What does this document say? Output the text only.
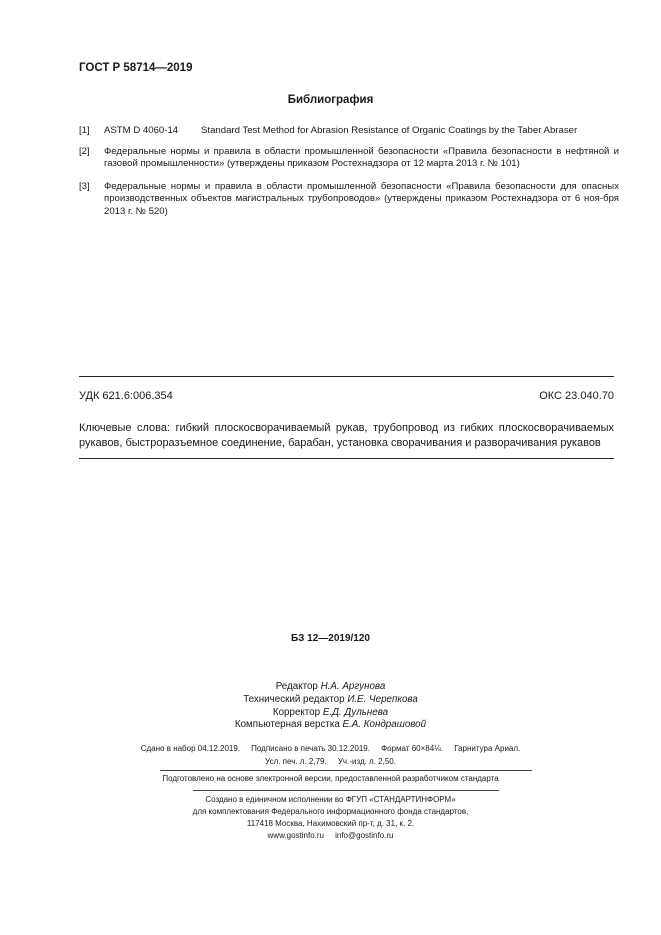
ГОСТ Р 58714—2019
Библиография
[1]	ASTM D 4060-14	Standard Test Method for Abrasion Resistance of Organic Coatings by the Taber Abraser
[2]	Федеральные нормы и правила в области промышленной безопасности «Правила безопасности в нефтяной и газовой промышленности» (утверждены приказом Ростехнадзора от 12 марта 2013 г. № 101)
[3]	Федеральные нормы и правила в области промышленной безопасности «Правила безопасности для опасных производственных объектов магистральных трубопроводов» (утверждены приказом Ростехнадзора от 6 ноя-бря 2013 г. № 520)
УДК 621.6:006.354	ОКС 23.040.70
Ключевые слова: гибкий плоскосворачиваемый рукав, трубопровод из гибких плоскосворачиваемых рукавов, быстроразъемное соединение, барабан, установка сворачивания и разворачивания рукавов
БЗ 12—2019/120
Редактор Н.А. Аргунова
Технический редактор И.Е. Черепкова
Корректор Е.Д. Дульнева
Компьютерная верстка Е.А. Кондрашовой
Сдано в набор 04.12.2019. Подписано в печать 30.12.2019. Формат 60×84⅛. Гарнитура Ариал.
Усл. печ. л. 2,79. Уч.-изд. л. 2,50.
Подготовлено на основе электронной версии, предоставленной разработчиком стандарта
Создано в единичном исполнении во ФГУП «СТАНДАРТИНФОРМ»
для комплектования Федерального информационного фонда стандартов,
117418 Москва, Нахимовский пр-т, д. 31, к. 2.
www.gostinfo.ru info@gostinfo.ru
